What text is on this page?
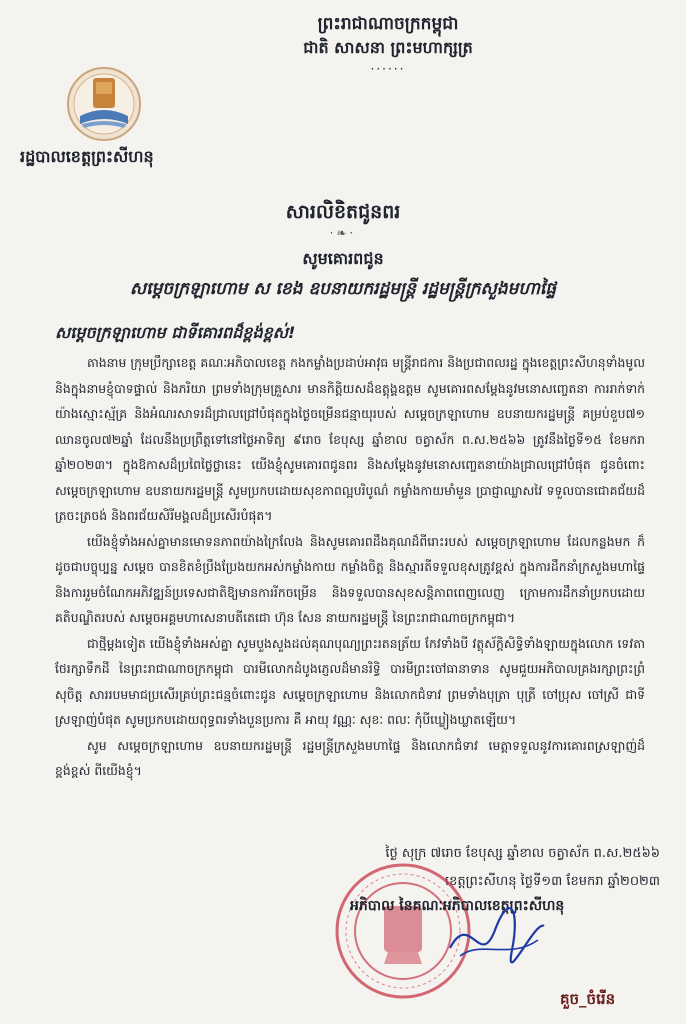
ព្រះរាជាណាចក្រកម្ពុជា
ជាតិ សាសនា ព្រះមហាក្សត្រ
······
រដ្ឋបាលខេត្តព្រះសីហនុ
សារលិខិតជូនពរ
·❧·
សូមគោរពជូន
សម្ដេចក្រឡាហោម ស ខេង ឧបនាយករដ្ឋមន្ត្រី រដ្ឋមន្ត្រីក្រសួងមហាផ្ទៃ
សម្ដេចក្រឡាហោម ជាទីគោរពដ៏ខ្ពង់ខ្ពស់!

តាងនាម ក្រុមប្រឹក្សាខេត្ត គណៈអភិបាលខេត្ត កងកម្លាំងប្រដាប់អាវុធ មន្ត្រីរាជការ និងប្រជាពលរដ្ឋ ក្នុងខេត្តព្រះសីហនុទាំងមូល និងក្នុងនាមខ្ញុំបាទផ្ទាល់ និងភរិយា ព្រមទាំងក្រុមគ្រួសារ មានកិត្តិយសដ៏ឧត្ដុង្គឧត្ដម សូមគោរពសម្ដែងនូវមនោសញ្ចេតនា ការរាក់ទាក់យ៉ាងស្មោះស្ម័គ្រ និងអំណរសាទរដ៏ជ្រាលជ្រៅបំផុតក្នុងថ្ងៃចម្រើនជន្មាយុរបស់ សម្ដេចក្រឡាហោម ឧបនាយករដ្ឋមន្ត្រី គម្រប់ខួប៧១ ឈានចូល៧២ឆ្នាំ ដែលនឹងប្រព្រឹត្តទៅនៅថ្ងៃអាទិត្យ ៩រោច ខែបុស្ស ឆ្នាំខាល ចត្វាស័ក ព.ស.២៥៦៦ ត្រូវនឹងថ្ងៃទី១៥ ខែមករា ឆ្នាំ២០២៣។ ក្នុងឱកាសដ៏ប្រពៃថ្លៃថ្លានេះ យើងខ្ញុំសូមគោរពជូនពរ និងសម្ដែងនូវមនោសញ្ចេតនាយ៉ាងជ្រាលជ្រៅបំផុត ជូនចំពោះ សម្ដេចក្រឡាហោម ឧបនាយករដ្ឋមន្ត្រី សូមប្រកបដោយសុខភាពល្អបរិបូណ៌ កម្លាំងកាយមាំមួន ប្រាជ្ញាឈ្លាសវៃ ទទួលបានជោគជ័យដ៏ត្រចះត្រចង់ និងពរជ័យសិរីមង្គលដ៏ប្រសើរបំផុត។

យើងខ្ញុំទាំងអស់គ្នាមានមោទនភាពយ៉ាងក្រៃលែង និងសូមគោរពដឹងគុណដ៏ពីរោះរបស់ សម្ដេចក្រឡាហោម ដែលកន្លងមក ក៏ដូចជាបច្ចុប្បន្ន សម្ដេច បានខិតខំប្រឹងប្រែងយកអស់កម្លាំងកាយ កម្លាំងចិត្ត និងស្មារតីទទួលខុសត្រូវខ្ពស់ ក្នុងការដឹកនាំក្រសួងមហាផ្ទៃ និងការរួមចំណែកអភិវឌ្ឍន៍ប្រទេសជាតិឱ្យមានការរីកចម្រើន និងទទួលបានសុខសន្តិភាពពេញលេញ ក្រោមការដឹកនាំប្រកបដោយគតិបណ្ឌិតរបស់ សម្ដេចអគ្គមហាសេនាបតីតេជោ ហ៊ុន សែន នាយករដ្ឋមន្ត្រី នៃព្រះរាជាណាចក្រកម្ពុជា។

ជាថ្មីម្ដងទៀត យើងខ្ញុំទាំងអស់គ្នា សូមបួងសួងដល់គុណបុណ្យព្រះរតនត្រ័យ កែវទាំងបី វត្ថុស័ក្ដិសិទ្ធិទាំងឡាយក្នុងលោក ទេវតាថែរក្សាទឹកដី នៃព្រះរាជាណាចក្រកម្ពុជា បារមីលោកដំបូងភ្ញេលដ៏មានរិទ្ធិ បារមីព្រះចៅធានាទាន សូមជួយអភិបាលគ្រងរក្សាព្រះព្រំសុចិត្ត សាររបមមាជប្រសើរគ្រប់ព្រះជន្មចំពោះជូន សម្ដេចក្រឡាហោម និងលោកជំទាវ ព្រមទាំងបុត្រា បុត្រី ចៅប្រុស ចៅស្រី ជាទីស្រឡាញ់បំផុត សូមប្រកបដោយពុទ្ធពរទាំងបួនប្រការ គឺ អាយុ វណ្ណៈ សុខៈ ពលៈ កុំបីឃ្លៀងឃ្លាតឡើយ។

សូម សម្ដេចក្រឡាហោម ឧបនាយករដ្ឋមន្ត្រី រដ្ឋមន្ត្រីក្រសួងមហាផ្ទៃ និងលោកជំទាវ មេត្តាទទួលនូវការគោរពស្រឡាញ់ដ៏ខ្ពង់ខ្ពស់ ពីយើងខ្ញុំ។

ថ្ងៃ សុក្រ ៧រោច ខែបុស្ស ឆ្នាំខាល ចត្វាស័ក ព.ស.២៥៦៦
ខេត្តព្រះសីហនុ ថ្ងៃទី១៣ ខែមករា ឆ្នាំ២០២៣
អភិបាល នៃគណៈអភិបាលខេត្តព្រះសីហនុ
គួច_ចំរើន
